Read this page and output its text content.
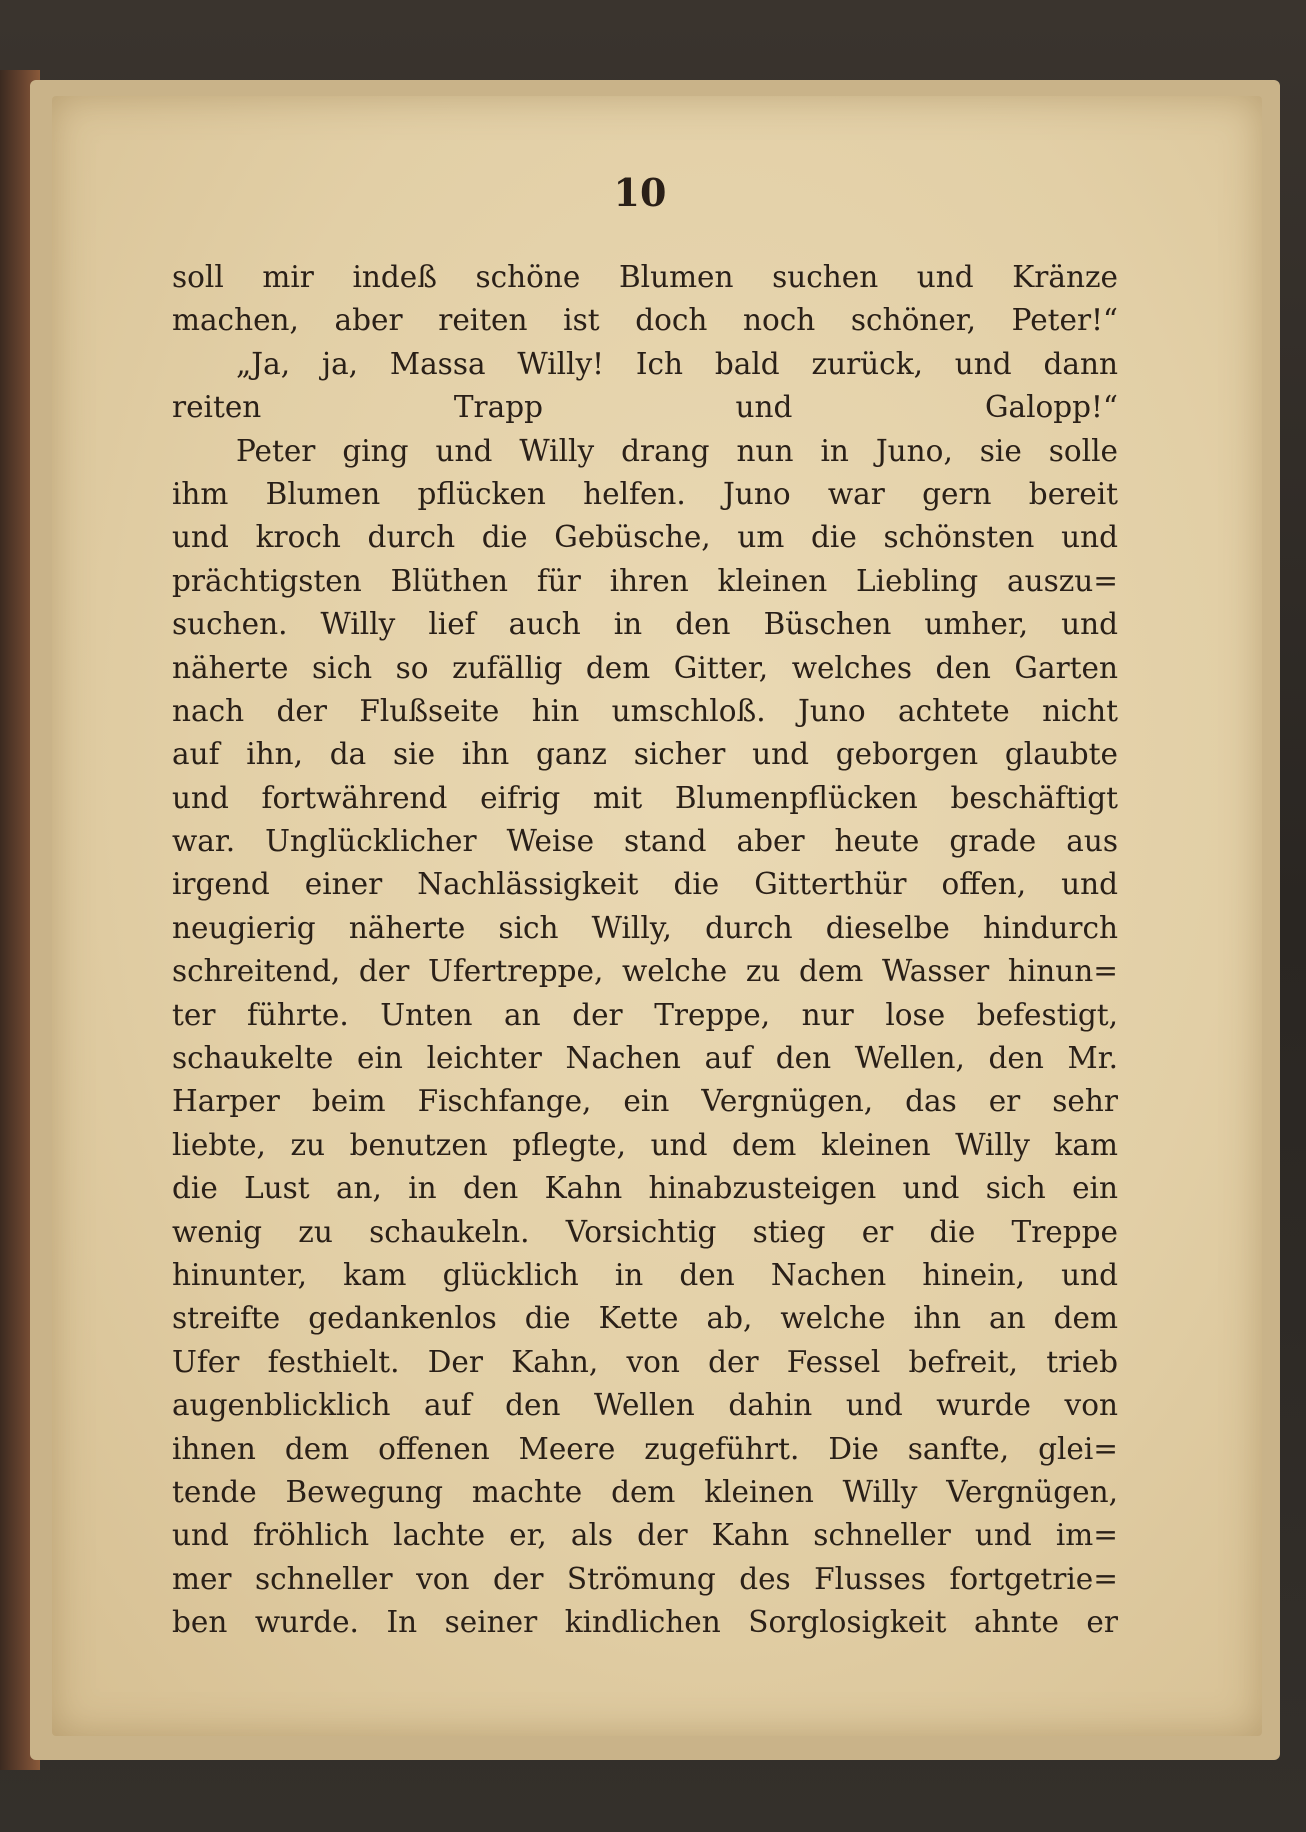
10
soll mir indeß schöne Blumen suchen und Kränze
machen, aber reiten ist doch noch schöner, Peter!“
„Ja, ja, Massa Willy! Ich bald zurück, und dann
reiten Trapp und Galopp!“
Peter ging und Willy drang nun in Juno, sie solle
ihm Blumen pflücken helfen. Juno war gern bereit
und kroch durch die Gebüsche, um die schönsten und
prächtigsten Blüthen für ihren kleinen Liebling auszu=
suchen. Willy lief auch in den Büschen umher, und
näherte sich so zufällig dem Gitter, welches den Garten
nach der Flußseite hin umschloß. Juno achtete nicht
auf ihn, da sie ihn ganz sicher und geborgen glaubte
und fortwährend eifrig mit Blumenpflücken beschäftigt
war. Unglücklicher Weise stand aber heute grade aus
irgend einer Nachlässigkeit die Gitterthür offen, und
neugierig näherte sich Willy, durch dieselbe hindurch
schreitend, der Ufertreppe, welche zu dem Wasser hinun=
ter führte. Unten an der Treppe, nur lose befestigt,
schaukelte ein leichter Nachen auf den Wellen, den Mr.
Harper beim Fischfange, ein Vergnügen, das er sehr
liebte, zu benutzen pflegte, und dem kleinen Willy kam
die Lust an, in den Kahn hinabzusteigen und sich ein
wenig zu schaukeln. Vorsichtig stieg er die Treppe
hinunter, kam glücklich in den Nachen hinein, und
streifte gedankenlos die Kette ab, welche ihn an dem
Ufer festhielt. Der Kahn, von der Fessel befreit, trieb
augenblicklich auf den Wellen dahin und wurde von
ihnen dem offenen Meere zugeführt. Die sanfte, glei=
tende Bewegung machte dem kleinen Willy Vergnügen,
und fröhlich lachte er, als der Kahn schneller und im=
mer schneller von der Strömung des Flusses fortgetrie=
ben wurde. In seiner kindlichen Sorglosigkeit ahnte er
